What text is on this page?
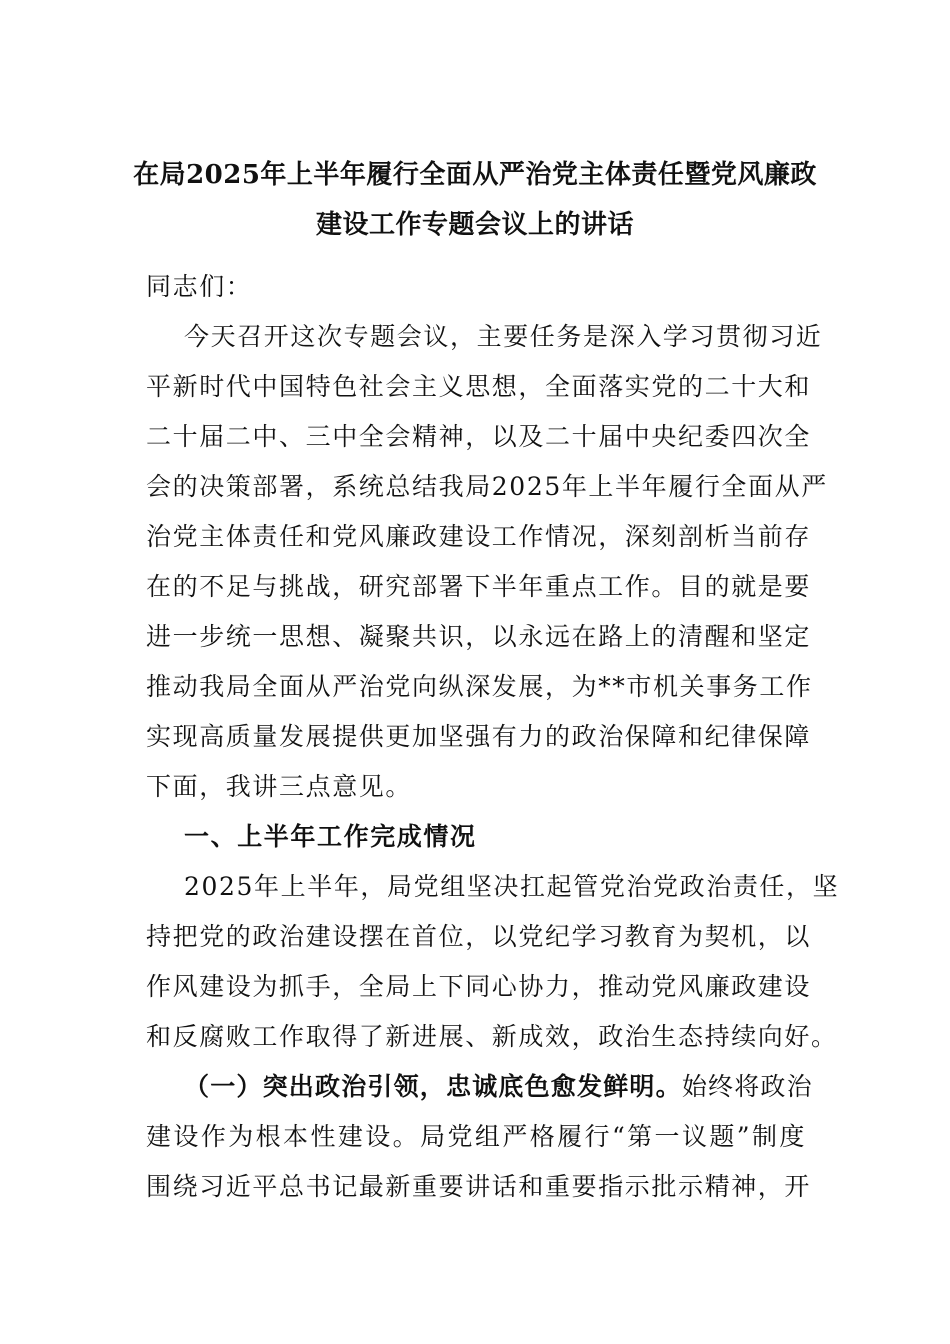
在局2025年上半年履行全面从严治党主体责任暨党风廉政
建设工作专题会议上的讲话
同志们：
今天召开这次专题会议，主要任务是深入学习贯彻习近
平新时代中国特色社会主义思想，全面落实党的二十大和
二十届二中、三中全会精神，以及二十届中央纪委四次全
会的决策部署，系统总结我局2025年上半年履行全面从严
治党主体责任和党风廉政建设工作情况，深刻剖析当前存
在的不足与挑战，研究部署下半年重点工作。目的就是要
进一步统一思想、凝聚共识，以永远在路上的清醒和坚定
推动我局全面从严治党向纵深发展，为**市机关事务工作
实现高质量发展提供更加坚强有力的政治保障和纪律保障
下面，我讲三点意见。
一、上半年工作完成情况
2025年上半年，局党组坚决扛起管党治党政治责任，坚
持把党的政治建设摆在首位，以党纪学习教育为契机，以
作风建设为抓手，全局上下同心协力，推动党风廉政建设
和反腐败工作取得了新进展、新成效，政治生态持续向好。
（一）突出政治引领，忠诚底色愈发鲜明。始终将政治
建设作为根本性建设。局党组严格履行“第一议题”制度
围绕习近平总书记最新重要讲话和重要指示批示精神，开
